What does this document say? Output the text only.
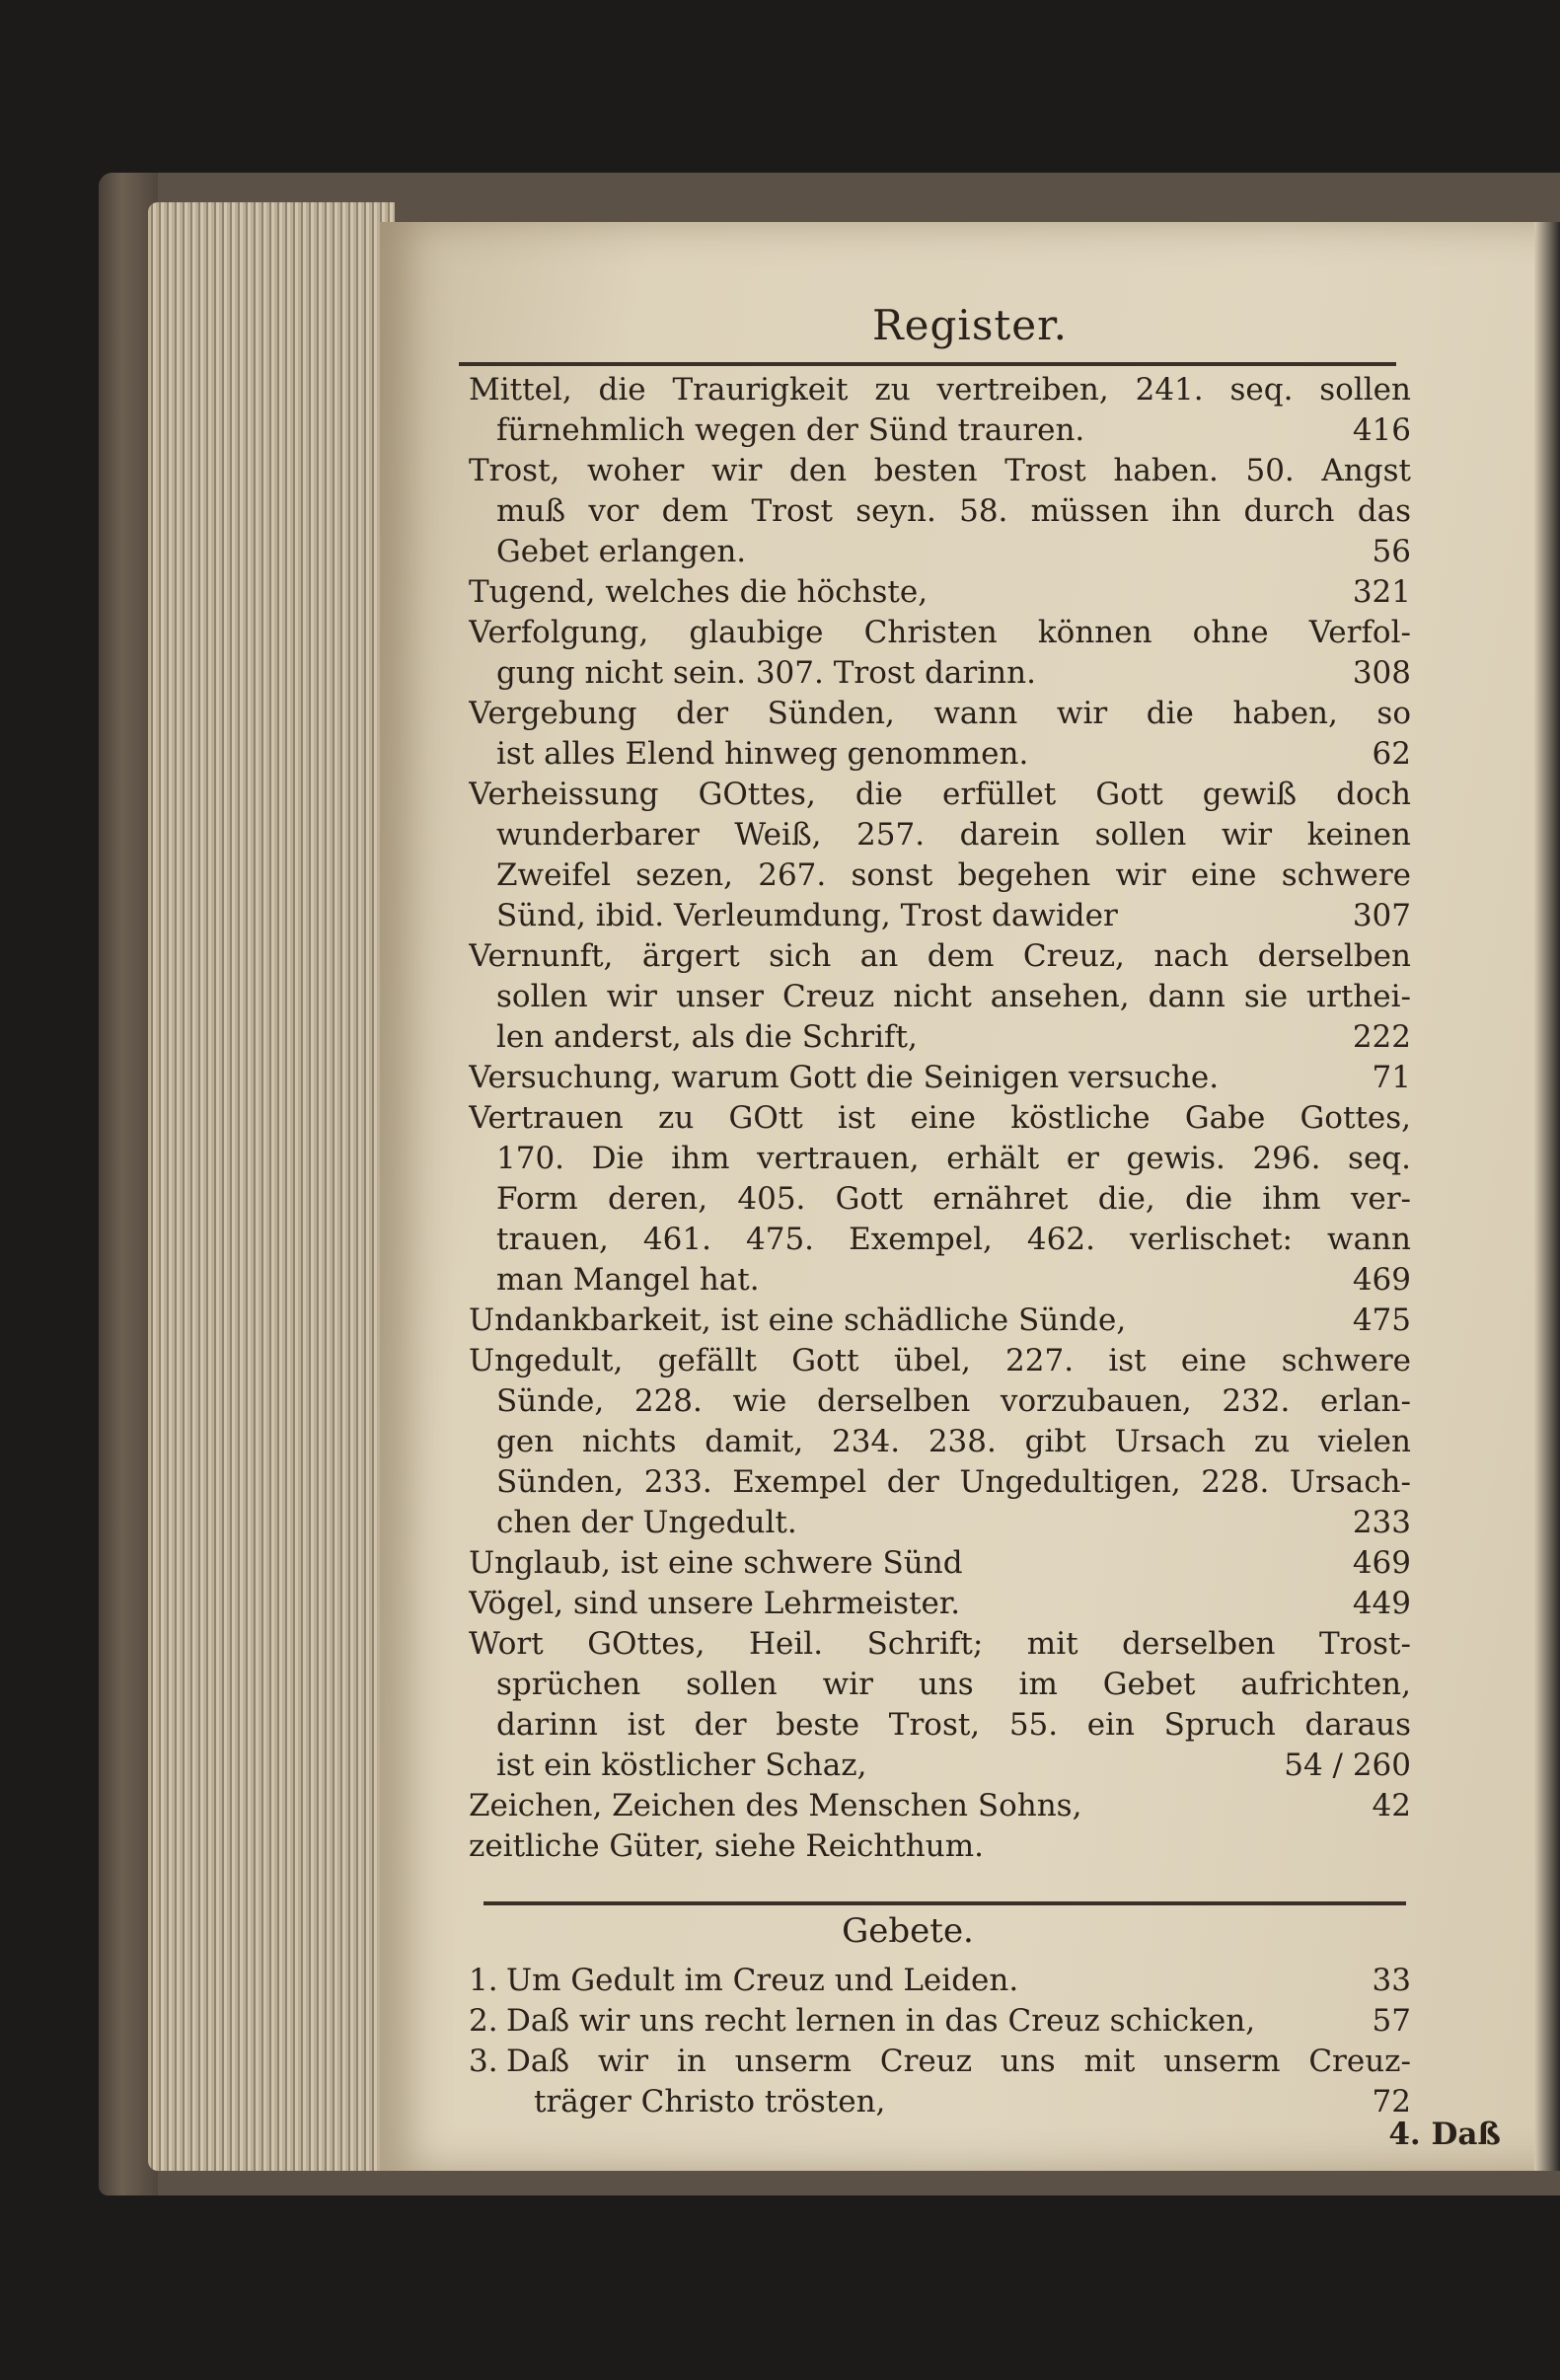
Register.
Mittel, die Traurigkeit zu vertreiben, 241. seq. sollen
fürnehmlich wegen der Sünd trauren.	416
Trost, woher wir den besten Trost haben. 50. Angst
muß vor dem Trost seyn. 58. müssen ihn durch das
Gebet erlangen.	56
Tugend, welches die höchste,	321
Verfolgung, glaubige Christen können ohne Verfol-
gung nicht sein. 307. Trost darinn.	308
Vergebung der Sünden, wann wir die haben, so
ist alles Elend hinweg genommen.	62
Verheissung GOttes, die erfüllet Gott gewiß doch
wunderbarer Weiß, 257. darein sollen wir keinen
Zweifel sezen, 267. sonst begehen wir eine schwere
Sünd, ibid. Verleumdung, Trost dawider	307
Vernunft, ärgert sich an dem Creuz, nach derselben
sollen wir unser Creuz nicht ansehen, dann sie urthei-
len anderst, als die Schrift,	222
Versuchung, warum Gott die Seinigen versuche.	71
Vertrauen zu GOtt ist eine köstliche Gabe Gottes,
170. Die ihm vertrauen, erhält er gewis. 296. seq.
Form deren, 405. Gott ernähret die, die ihm ver-
trauen, 461. 475. Exempel, 462. verlischet: wann
man Mangel hat.	469
Undankbarkeit, ist eine schädliche Sünde,	475
Ungedult, gefällt Gott übel, 227. ist eine schwere
Sünde, 228. wie derselben vorzubauen, 232. erlan-
gen nichts damit, 234. 238. gibt Ursach zu vielen
Sünden, 233. Exempel der Ungedultigen, 228. Ursach-
chen der Ungedult.	233
Unglaub, ist eine schwere Sünd	469
Vögel, sind unsere Lehrmeister.	449
Wort GOttes, Heil. Schrift; mit derselben Trost-
sprüchen sollen wir uns im Gebet aufrichten,
darinn ist der beste Trost, 55. ein Spruch daraus
ist ein köstlicher Schaz,	54 / 260
Zeichen, Zeichen des Menschen Sohns,	42
zeitliche Güter, siehe Reichthum.
Gebete.
1. Um Gedult im Creuz und Leiden.	33
2. Daß wir uns recht lernen in das Creuz schicken,	57
3. Daß wir in unserm Creuz uns mit unserm Creuz-
träger Christo trösten,	72
4. Daß
